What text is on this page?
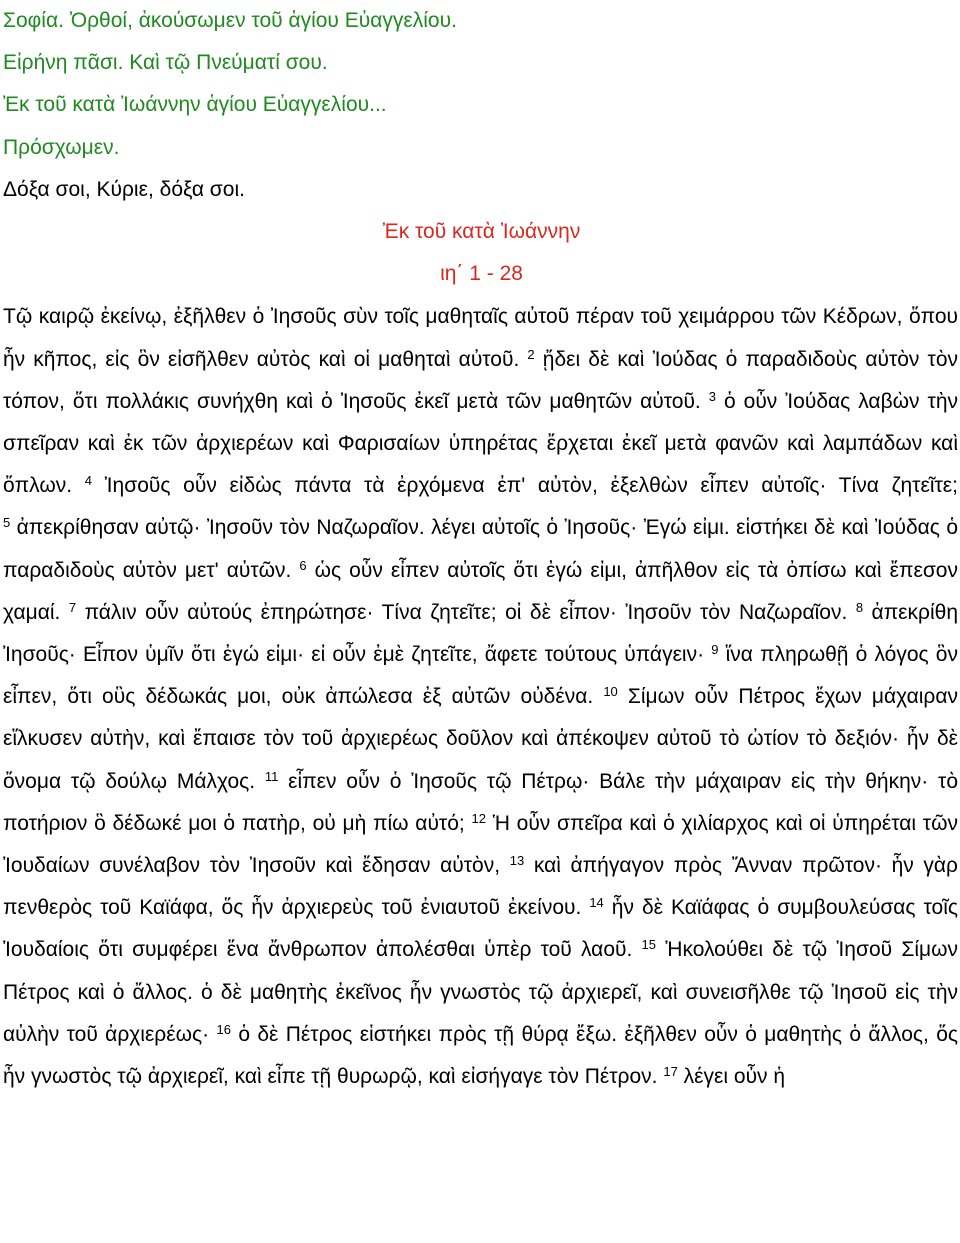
Σοφία. Ὀρθοί, ἀκούσωμεν τοῦ ἁγίου Εὐαγγελίου.
Εἰρήνη πᾶσι. Καὶ τῷ Πνεύματί σου.
Ἐκ τοῦ κατὰ Ἰωάννην ἁγίου Εὐαγγελίου...
Πρόσχωμεν.
Δόξα σοι, Κύριε, δόξα σοι.
Ἐκ τοῦ κατὰ Ἰωάννην
ιη΄ 1 - 28
Τῷ καιρῷ ἐκείνῳ, ἐξῆλθεν ὁ Ἰησοῦς σὺν τοῖς μαθηταῖς αὐτοῦ πέραν τοῦ χειμάρρου τῶν Κέδρων, ὅπου ἦν κῆπος, εἰς ὃν εἰσῆλθεν αὐτὸς καὶ οἱ μαθηταὶ αὐτοῦ. $^2$ ᾔδει δὲ καὶ Ἰούδας ὁ παραδιδοὺς αὐτὸν τὸν τόπον, ὅτι πολλάκις συνήχθη καὶ ὁ Ἰησοῦς ἐκεῖ μετὰ τῶν μαθητῶν αὐτοῦ. $^3$ ὁ οὖν Ἰούδας λαβὼν τὴν σπεῖραν καὶ ἐκ τῶν ἀρχιερέων καὶ Φαρισαίων ὑπηρέτας ἔρχεται ἐκεῖ μετὰ φανῶν καὶ λαμπάδων καὶ ὅπλων. $^4$ Ἰησοῦς οὖν εἰδὼς πάντα τὰ ἐρχόμενα ἐπ' αὐτὸν, ἐξελθὼν εἶπεν αὐτοῖς· Τίνα ζητεῖτε; $^5$ ἀπεκρίθησαν αὐτῷ· Ἰησοῦν τὸν Ναζωραῖον. λέγει αὐτοῖς ὁ Ἰησοῦς· Ἐγώ εἰμι. εἱστήκει δὲ καὶ Ἰούδας ὁ παραδιδοὺς αὐτὸν μετ' αὐτῶν. $^6$ ὡς οὖν εἶπεν αὐτοῖς ὅτι ἐγώ εἰμι, ἀπῆλθον εἰς τὰ ὀπίσω καὶ ἔπεσον χαμαί. $^7$ πάλιν οὖν αὐτούς ἐπηρώτησε· Τίνα ζητεῖτε; οἱ δὲ εἶπον· Ἰησοῦν τὸν Ναζωραῖον. $^8$ ἀπεκρίθη Ἰησοῦς· Εἶπον ὑμῖν ὅτι ἐγώ εἰμι· εἰ οὖν ἐμὲ ζητεῖτε, ἄφετε τούτους ὑπάγειν· $^9$ ἵνα πληρωθῇ ὁ λόγος ὃν εἶπεν, ὅτι οὓς δέδωκάς μοι, οὐκ ἀπώλεσα ἐξ αὐτῶν οὐδένα. $^{10}$ Σίμων οὖν Πέτρος ἔχων μάχαιραν εἵλκυσεν αὐτὴν, καὶ ἔπαισε τὸν τοῦ ἀρχιερέως δοῦλον καὶ ἀπέκοψεν αὐτοῦ τὸ ὠτίον τὸ δεξιόν· ἦν δὲ ὄνομα τῷ δούλῳ Μάλχος. $^{11}$ εἶπεν οὖν ὁ Ἰησοῦς τῷ Πέτρῳ· Βάλε τὴν μάχαιραν εἰς τὴν θήκην· τὸ ποτήριον ὃ δέδωκέ μοι ὁ πατὴρ, οὐ μὴ πίω αὐτό; $^{12}$ Ἡ οὖν σπεῖρα καὶ ὁ χιλίαρχος καὶ οἱ ὑπηρέται τῶν Ἰουδαίων συνέλαβον τὸν Ἰησοῦν καὶ ἔδησαν αὐτὸν, $^{13}$ καὶ ἀπήγαγον πρὸς Ἄνναν πρῶτον· ἦν γὰρ πενθερὸς τοῦ Καϊάφα, ὅς ἦν ἀρχιερεὺς τοῦ ἐνιαυτοῦ ἐκείνου. $^{14}$ ἦν δὲ Καϊάφας ὁ συμβουλεύσας τοῖς Ἰουδαίοις ὅτι συμφέρει ἕνα ἄνθρωπον ἀπολέσθαι ὑπὲρ τοῦ λαοῦ. $^{15}$ Ἠκολούθει δὲ τῷ Ἰησοῦ Σίμων Πέτρος καὶ ὁ ἄλλος. ὁ δὲ μαθητὴς ἐκεῖνος ἦν γνωστὸς τῷ ἀρχιερεῖ, καὶ συνεισῆλθε τῷ Ἰησοῦ εἰς τὴν αὐλὴν τοῦ ἀρχιερέως· $^{16}$ ὁ δὲ Πέτρος εἱστήκει πρὸς τῇ θύρᾳ ἔξω. ἐξῆλθεν οὖν ὁ μαθητὴς ὁ ἄλλος, ὅς ἦν γνωστὸς τῷ ἀρχιερεῖ, καὶ εἶπε τῇ θυρωρῷ, καὶ εἰσήγαγε τὸν Πέτρον. $^{17}$ λέγει οὖν ἡ
